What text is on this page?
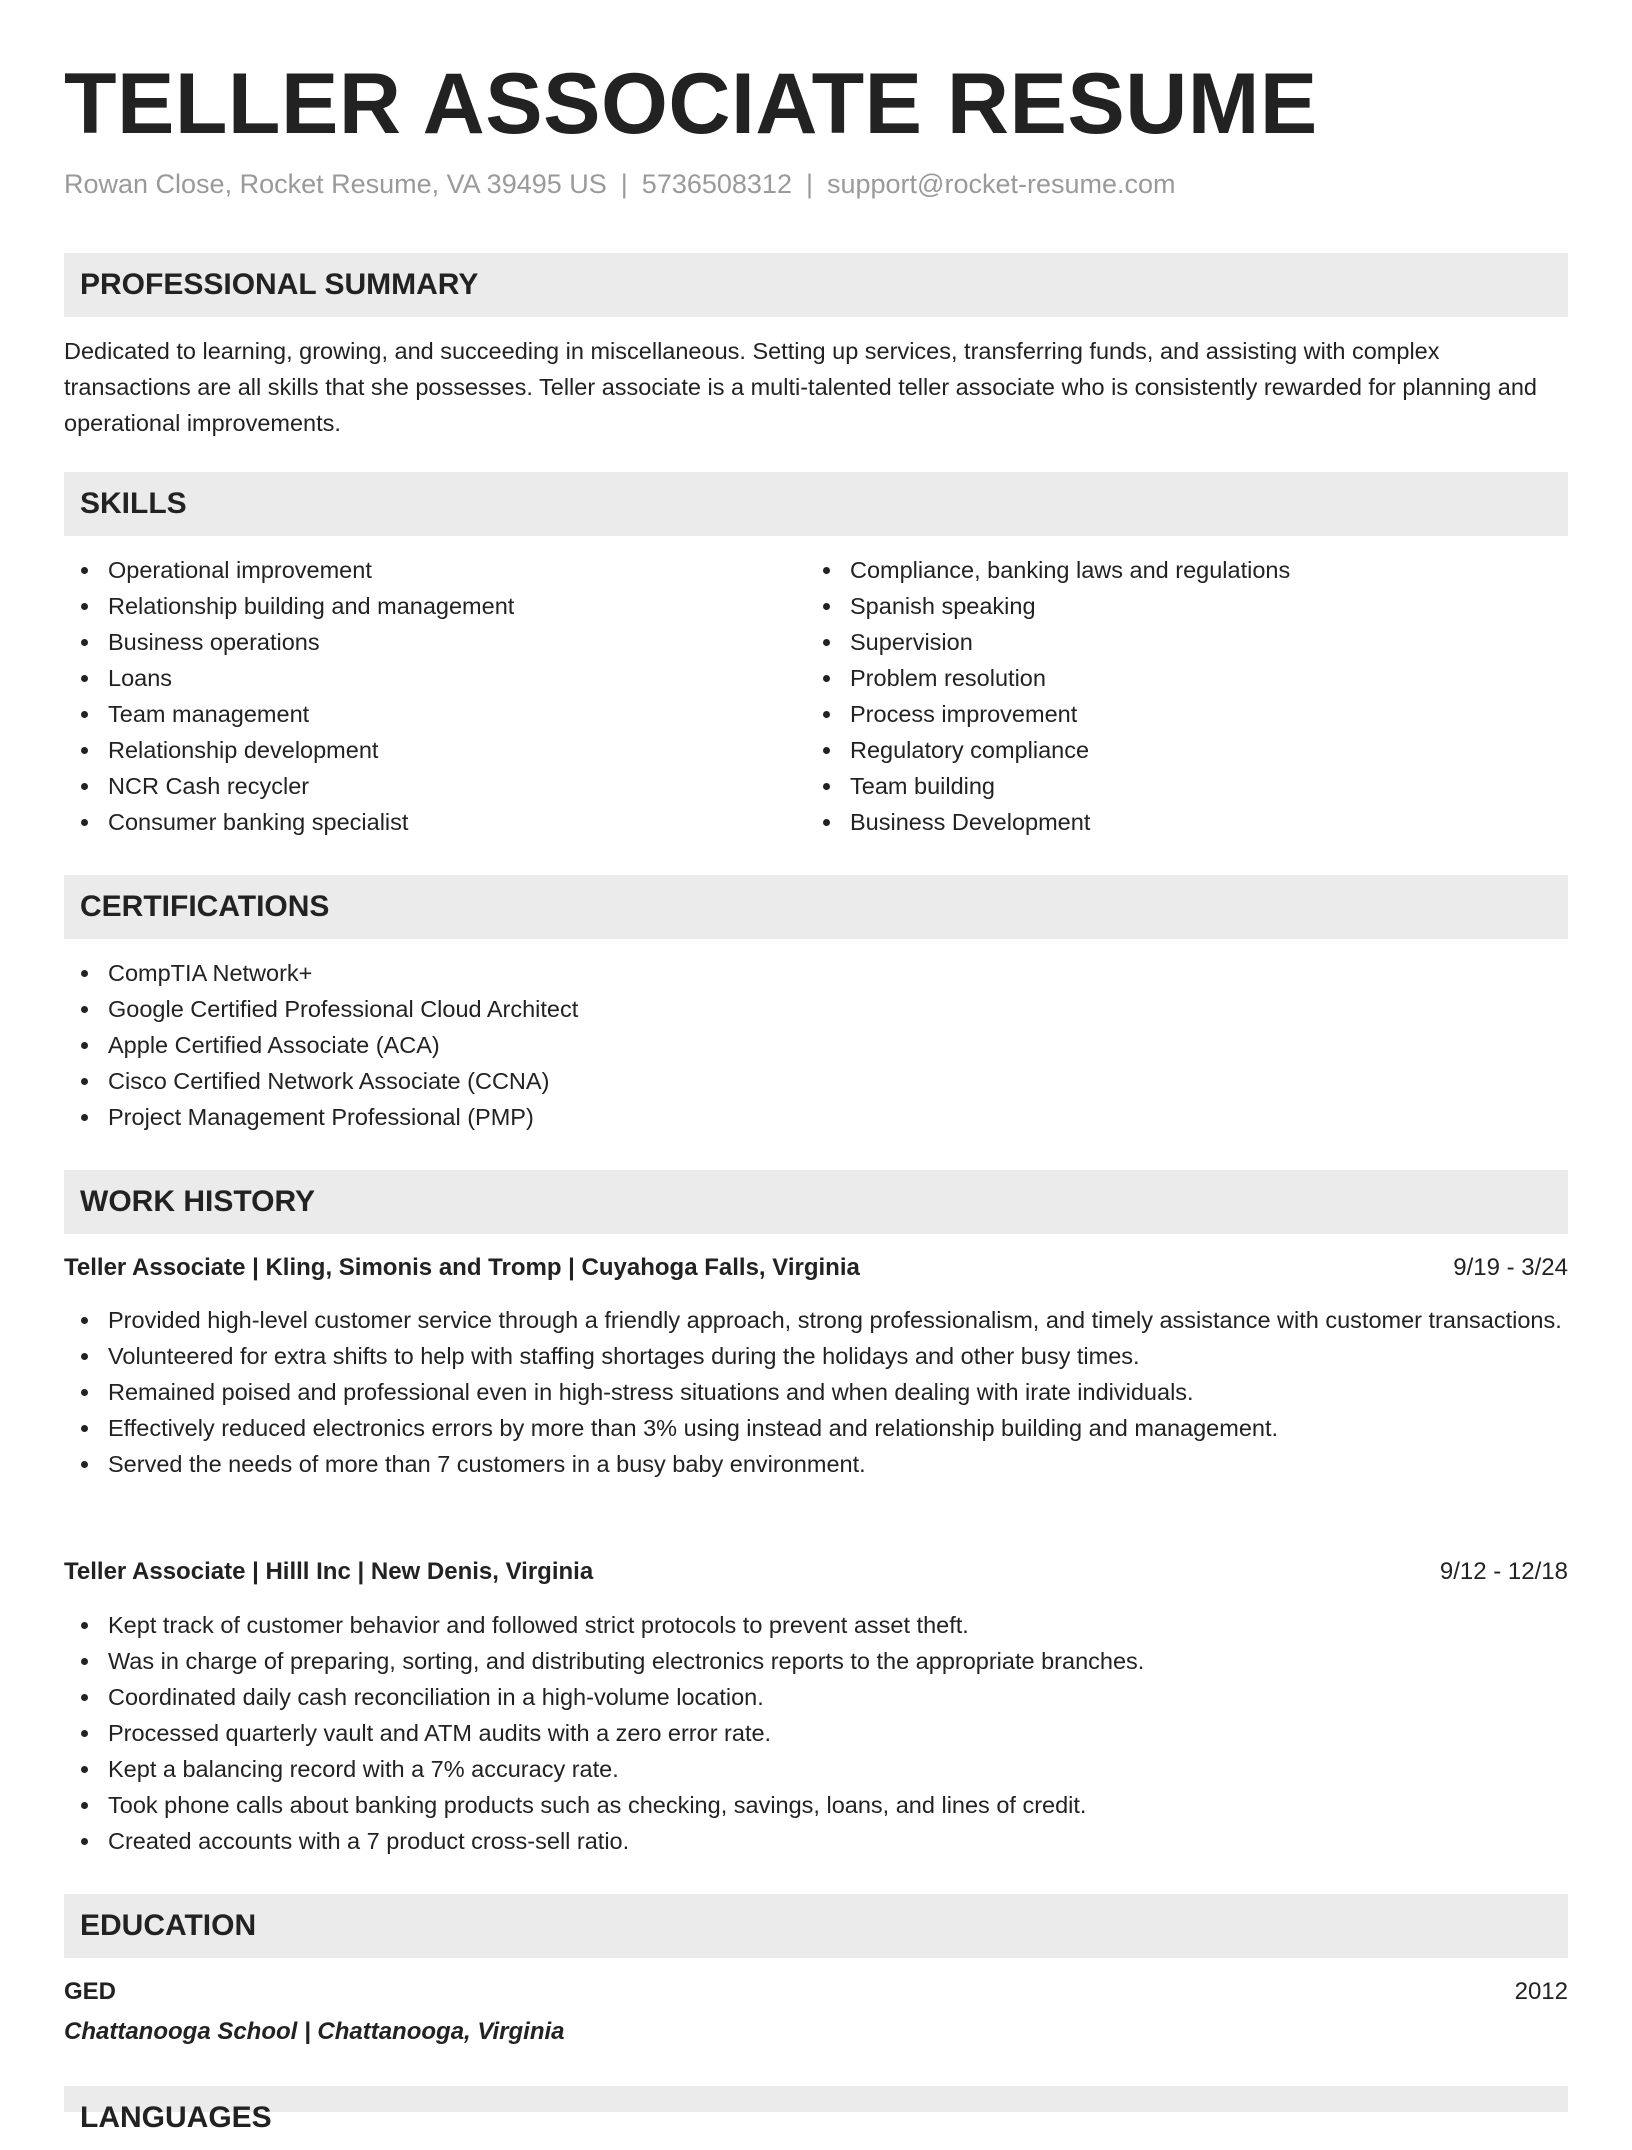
TELLER ASSOCIATE RESUME
Rowan Close, Rocket Resume, VA 39495 US | 5736508312 | support@rocket-resume.com
PROFESSIONAL SUMMARY

Dedicated to learning, growing, and succeeding in miscellaneous. Setting up services, transferring funds, and assisting with complex transactions are all skills that she possesses. Teller associate is a multi-talented teller associate who is consistently rewarded for planning and operational improvements.

SKILLS
Operational improvement
Relationship building and management
Business operations
Loans
Team management
Relationship development
NCR Cash recycler
Consumer banking specialist
Compliance, banking laws and regulations
Spanish speaking
Supervision
Problem resolution
Process improvement
Regulatory compliance
Team building
Business Development
CERTIFICATIONS
CompTIA Network+
Google Certified Professional Cloud Architect
Apple Certified Associate (ACA)
Cisco Certified Network Associate (CCNA)
Project Management Professional (PMP)
WORK HISTORY
Teller Associate | Kling, Simonis and Tromp | Cuyahoga Falls, Virginia	9/19 - 3/24
Provided high-level customer service through a friendly approach, strong professionalism, and timely assistance with customer transactions.
Volunteered for extra shifts to help with staffing shortages during the holidays and other busy times.
Remained poised and professional even in high-stress situations and when dealing with irate individuals.
Effectively reduced electronics errors by more than 3% using instead and relationship building and management.
Served the needs of more than 7 customers in a busy baby environment.
Teller Associate | Hilll Inc | New Denis, Virginia	9/12 - 12/18
Kept track of customer behavior and followed strict protocols to prevent asset theft.
Was in charge of preparing, sorting, and distributing electronics reports to the appropriate branches.
Coordinated daily cash reconciliation in a high-volume location.
Processed quarterly vault and ATM audits with a zero error rate.
Kept a balancing record with a 7% accuracy rate.
Took phone calls about banking products such as checking, savings, loans, and lines of credit.
Created accounts with a 7 product cross-sell ratio.
EDUCATION
GED	2012
Chattanooga School | Chattanooga, Virginia
LANGUAGES
